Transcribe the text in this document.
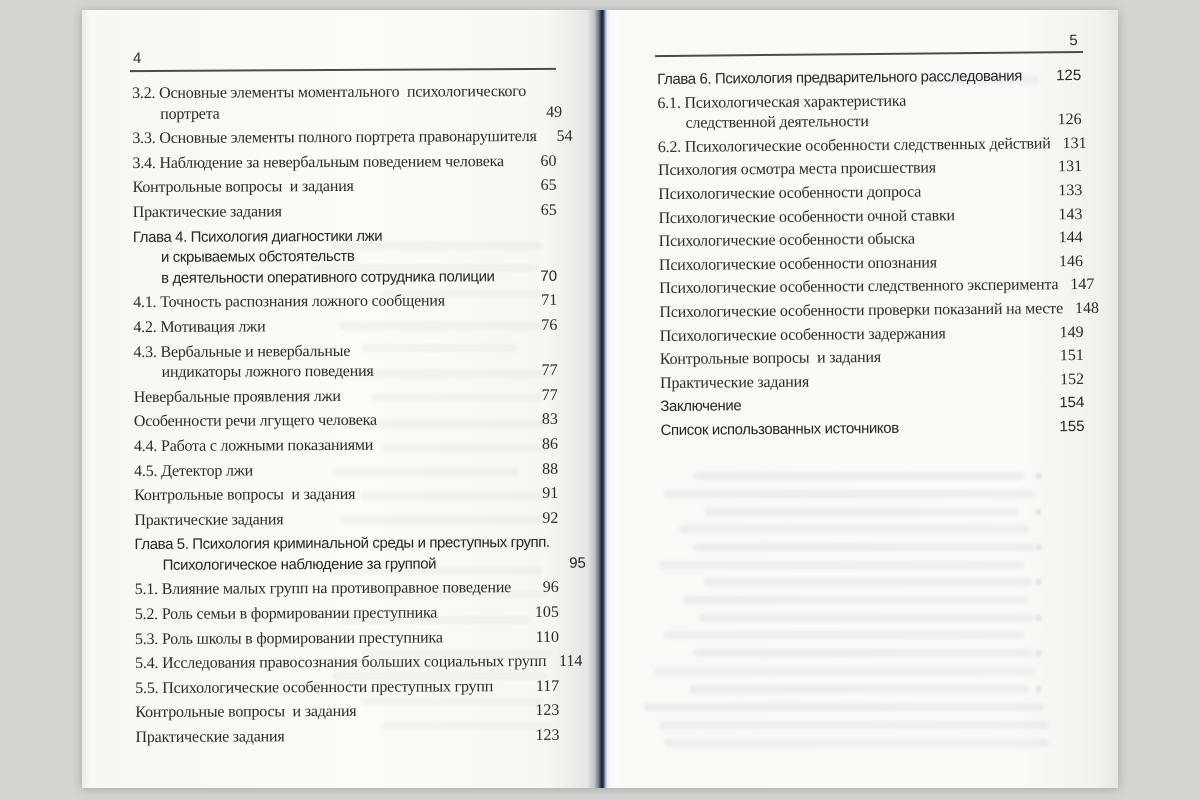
4
3.2. Основные элементы моментального  психологического
портрета	49
3.3. Основные элементы полного портрета правонарушителя	54
3.4. Наблюдение за невербальным поведением человека	60
Контрольные вопросы  и задания	65
Практические задания	65
Глава 4. Психология диагностики лжи
и скрываемых обстоятельств
в деятельности оперативного сотрудника полиции	70
4.1. Точность распознания ложного сообщения	71
4.2. Мотивация лжи	76
4.3. Вербальные и невербальные
индикаторы ложного поведения	77
Невербальные проявления лжи	77
Особенности речи лгущего человека	83
4.4. Работа с ложными показаниями	86
4.5. Детектор лжи	88
Контрольные вопросы  и задания	91
Практические задания	92
Глава 5. Психология криминальной среды и преступных групп.
Психологическое наблюдение за группой	95
5.1. Влияние малых групп на противоправное поведение	96
5.2. Роль семьи в формировании преступника	105
5.3. Роль школы в формировании преступника	110
5.4. Исследования правосознания больших социальных групп 114
5.5. Психологические особенности преступных групп	117
Контрольные вопросы  и задания	123
Практические задания	123
5
Глава 6. Психология предварительного расследования	125
6.1. Психологическая характеристика
следственной деятельности	126
6.2. Психологические особенности следственных действий 131
Психология осмотра места происшествия	131
Психологические особенности допроса	133
Психологические особенности очной ставки	143
Психологические особенности обыска	144
Психологические особенности опознания	146
Психологические особенности следственного эксперимента 147
Психологические особенности проверки показаний на месте 148
Психологические особенности задержания	149
Контрольные вопросы  и задания	151
Практические задания	152
Заключение	154
Список использованных источников	155
